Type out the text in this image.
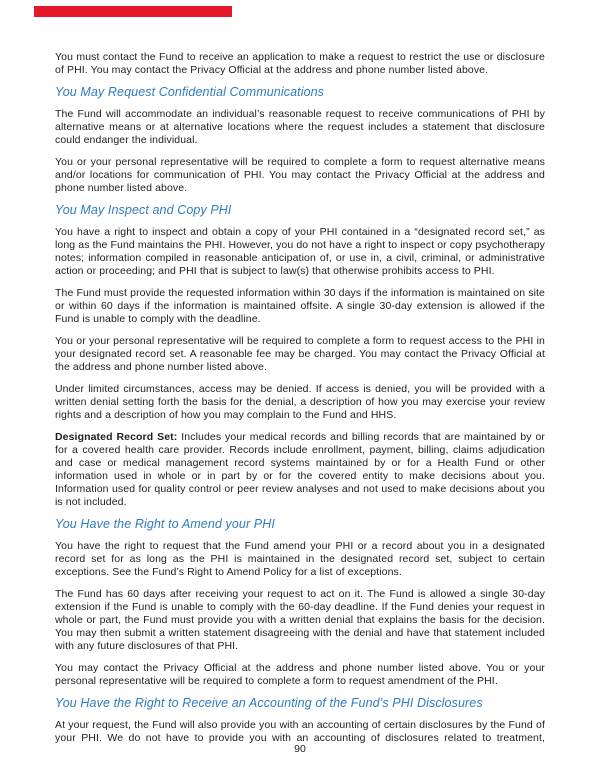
You must contact the Fund to receive an application to make a request to restrict the use or disclosure of PHI. You may contact the Privacy Official at the address and phone number listed above.

You May Request Confidential Communications

The Fund will accommodate an individual’s reasonable request to receive communications of PHI by alternative means or at alternative locations where the request includes a statement that disclosure could endanger the individual.

You or your personal representative will be required to complete a form to request alternative means and/or locations for communication of PHI. You may contact the Privacy Official at the address and phone number listed above.

You May Inspect and Copy PHI

You have a right to inspect and obtain a copy of your PHI contained in a “designated record set,” as long as the Fund maintains the PHI. However, you do not have a right to inspect or copy psychotherapy notes; information compiled in reasonable anticipation of, or use in, a civil, criminal, or administrative action or proceeding; and PHI that is subject to law(s) that otherwise prohibits access to PHI.

The Fund must provide the requested information within 30 days if the information is maintained on site or within 60 days if the information is maintained offsite. A single 30-day extension is allowed if the Fund is unable to comply with the deadline.

You or your personal representative will be required to complete a form to request access to the PHI in your designated record set. A reasonable fee may be charged. You may contact the Privacy Official at the address and phone number listed above.

Under limited circumstances, access may be denied. If access is denied, you will be provided with a written denial setting forth the basis for the denial, a description of how you may exercise your review rights and a description of how you may complain to the Fund and HHS.

Designated Record Set: Includes your medical records and billing records that are maintained by or for a covered health care provider. Records include enrollment, payment, billing, claims adjudication and case or medical management record systems maintained by or for a Health Fund or other information used in whole or in part by or for the covered entity to make decisions about you. Information used for quality control or peer review analyses and not used to make decisions about you is not included.

You Have the Right to Amend your PHI

You have the right to request that the Fund amend your PHI or a record about you in a designated record set for as long as the PHI is maintained in the designated record set, subject to certain exceptions. See the Fund’s Right to Amend Policy for a list of exceptions.

The Fund has 60 days after receiving your request to act on it. The Fund is allowed a single 30-day extension if the Fund is unable to comply with the 60-day deadline. If the Fund denies your request in whole or part, the Fund must provide you with a written denial that explains the basis for the decision. You may then submit a written statement disagreeing with the denial and have that statement included with any future disclosures of that PHI.

You may contact the Privacy Official at the address and phone number listed above. You or your personal representative will be required to complete a form to request amendment of the PHI.

You Have the Right to Receive an Accounting of the Fund’s PHI Disclosures

At your request, the Fund will also provide you with an accounting of certain disclosures by the Fund of your PHI. We do not have to provide you with an accounting of disclosures related to treatment,

90
